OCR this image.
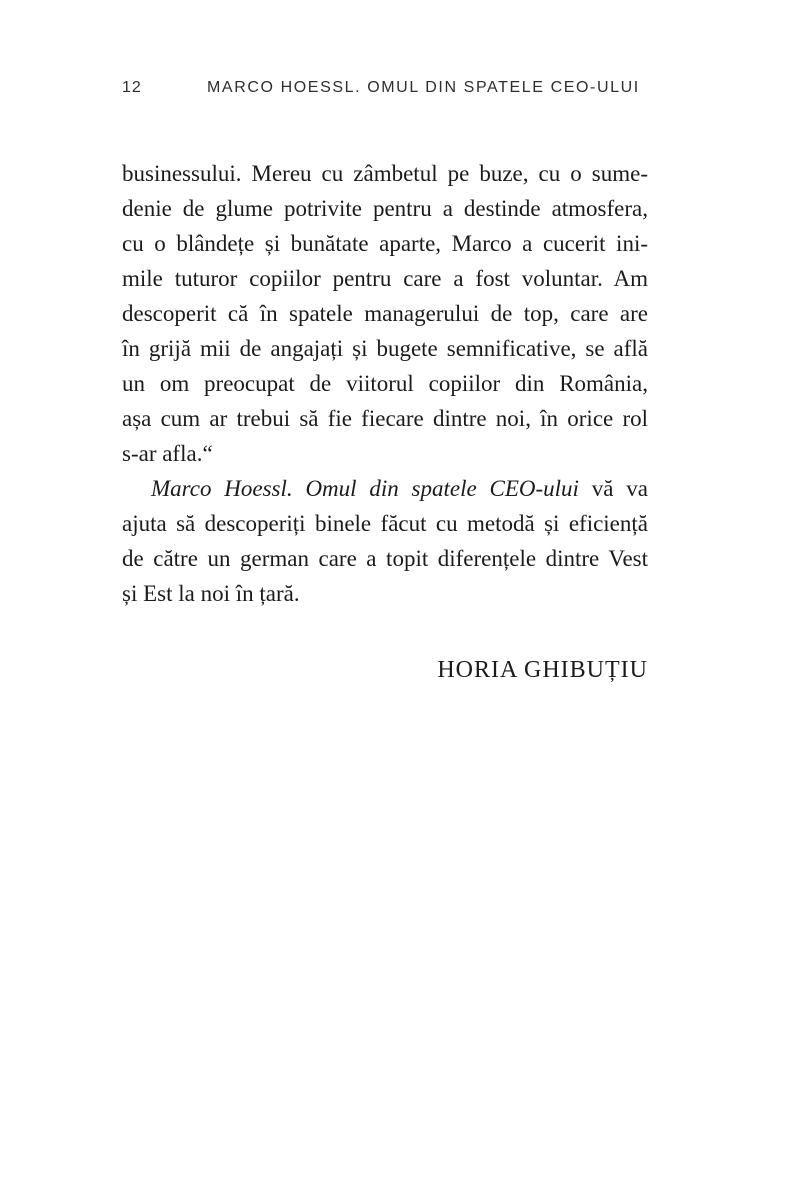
12	MARCO HOESSL. OMUL DIN SPATELE CEO-ULUI
businessului. Mereu cu zâmbetul pe buze, cu o sume-
denie de glume potrivite pentru a destinde atmosfera,
cu o blândețe și bunătate aparte, Marco a cucerit ini-
mile tuturor copiilor pentru care a fost voluntar. Am
descoperit că în spatele managerului de top, care are
în grijă mii de angajați și bugete semnificative, se află
un om preocupat de viitorul copiilor din România,
așa cum ar trebui să fie fiecare dintre noi, în orice rol
s-ar afla.“
Marco Hoessl. Omul din spatele CEO-ului vă va
ajuta să descoperiți binele făcut cu metodă și eficiență
de către un german care a topit diferențele dintre Vest
și Est la noi în țară.
HORIA GHIBUȚIU
